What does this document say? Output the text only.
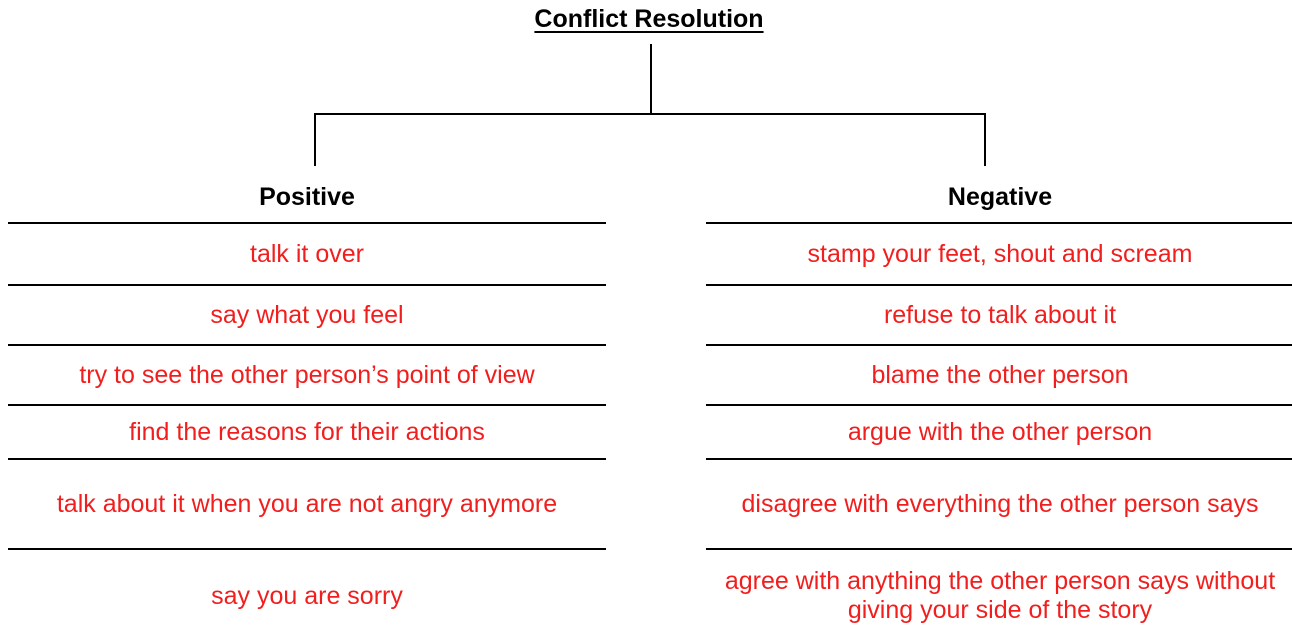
Conflict Resolution
Positive	Negative
talk it over
say what you feel
try to see the other person’s point of view
find the reasons for their actions
talk about it when you are not angry anymore
say you are sorry
stamp your feet, shout and scream
refuse to talk about it
blame the other person
argue with the other person
disagree with everything the other person says
agree with anything the other person says without giving your side of the story
